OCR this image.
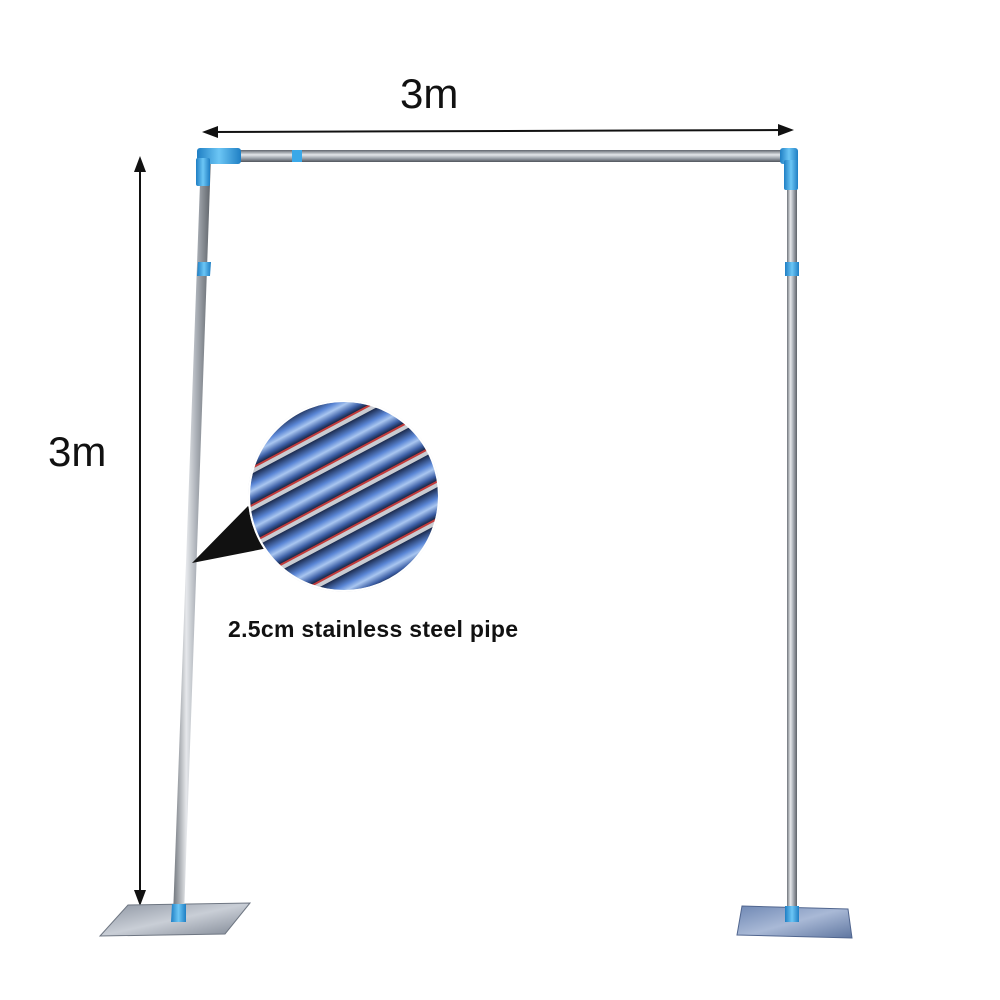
3m
3m
2.5cm stainless steel pipe
